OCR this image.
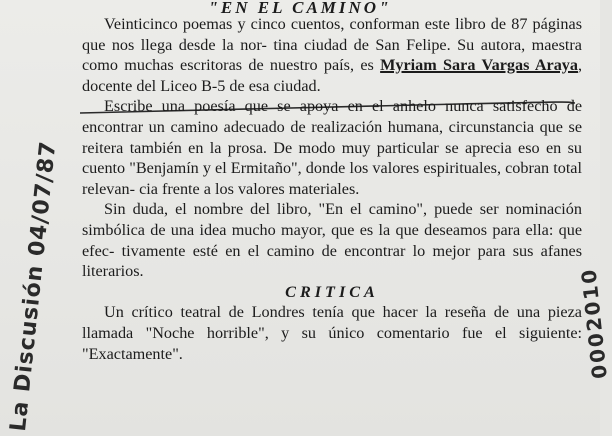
"EN EL CAMINO"

Veinticinco poemas y cinco cuentos, conforman este libro de 87 páginas que nos llega desde la nor- tina ciudad de San Felipe. Su autora, maestra como muchas escritoras de nuestro país, es Myriam Sara Vargas Araya, docente del Liceo B-5 de esa ciudad.

Escribe una poesía que se apoya en el anhelo nunca satisfecho de encontrar un camino adecuado de realización humana, circunstancia que se reitera también en la prosa. De modo muy particular se aprecia eso en su cuento "Benjamín y el Ermitaño", donde los valores espirituales, cobran total relevan- cia frente a los valores materiales.

Sin duda, el nombre del libro, "En el camino", puede ser nominación simbólica de una idea mucho mayor, que es la que deseamos para ella: que efec- tivamente esté en el camino de encontrar lo mejor para sus afanes literarios.

CRITICA

Un crítico teatral de Londres tenía que hacer la reseña de una pieza llamada "Noche horrible", y su único comentario fue el siguiente: "Exactamente".

La Discusión 04/07/87	0002010
